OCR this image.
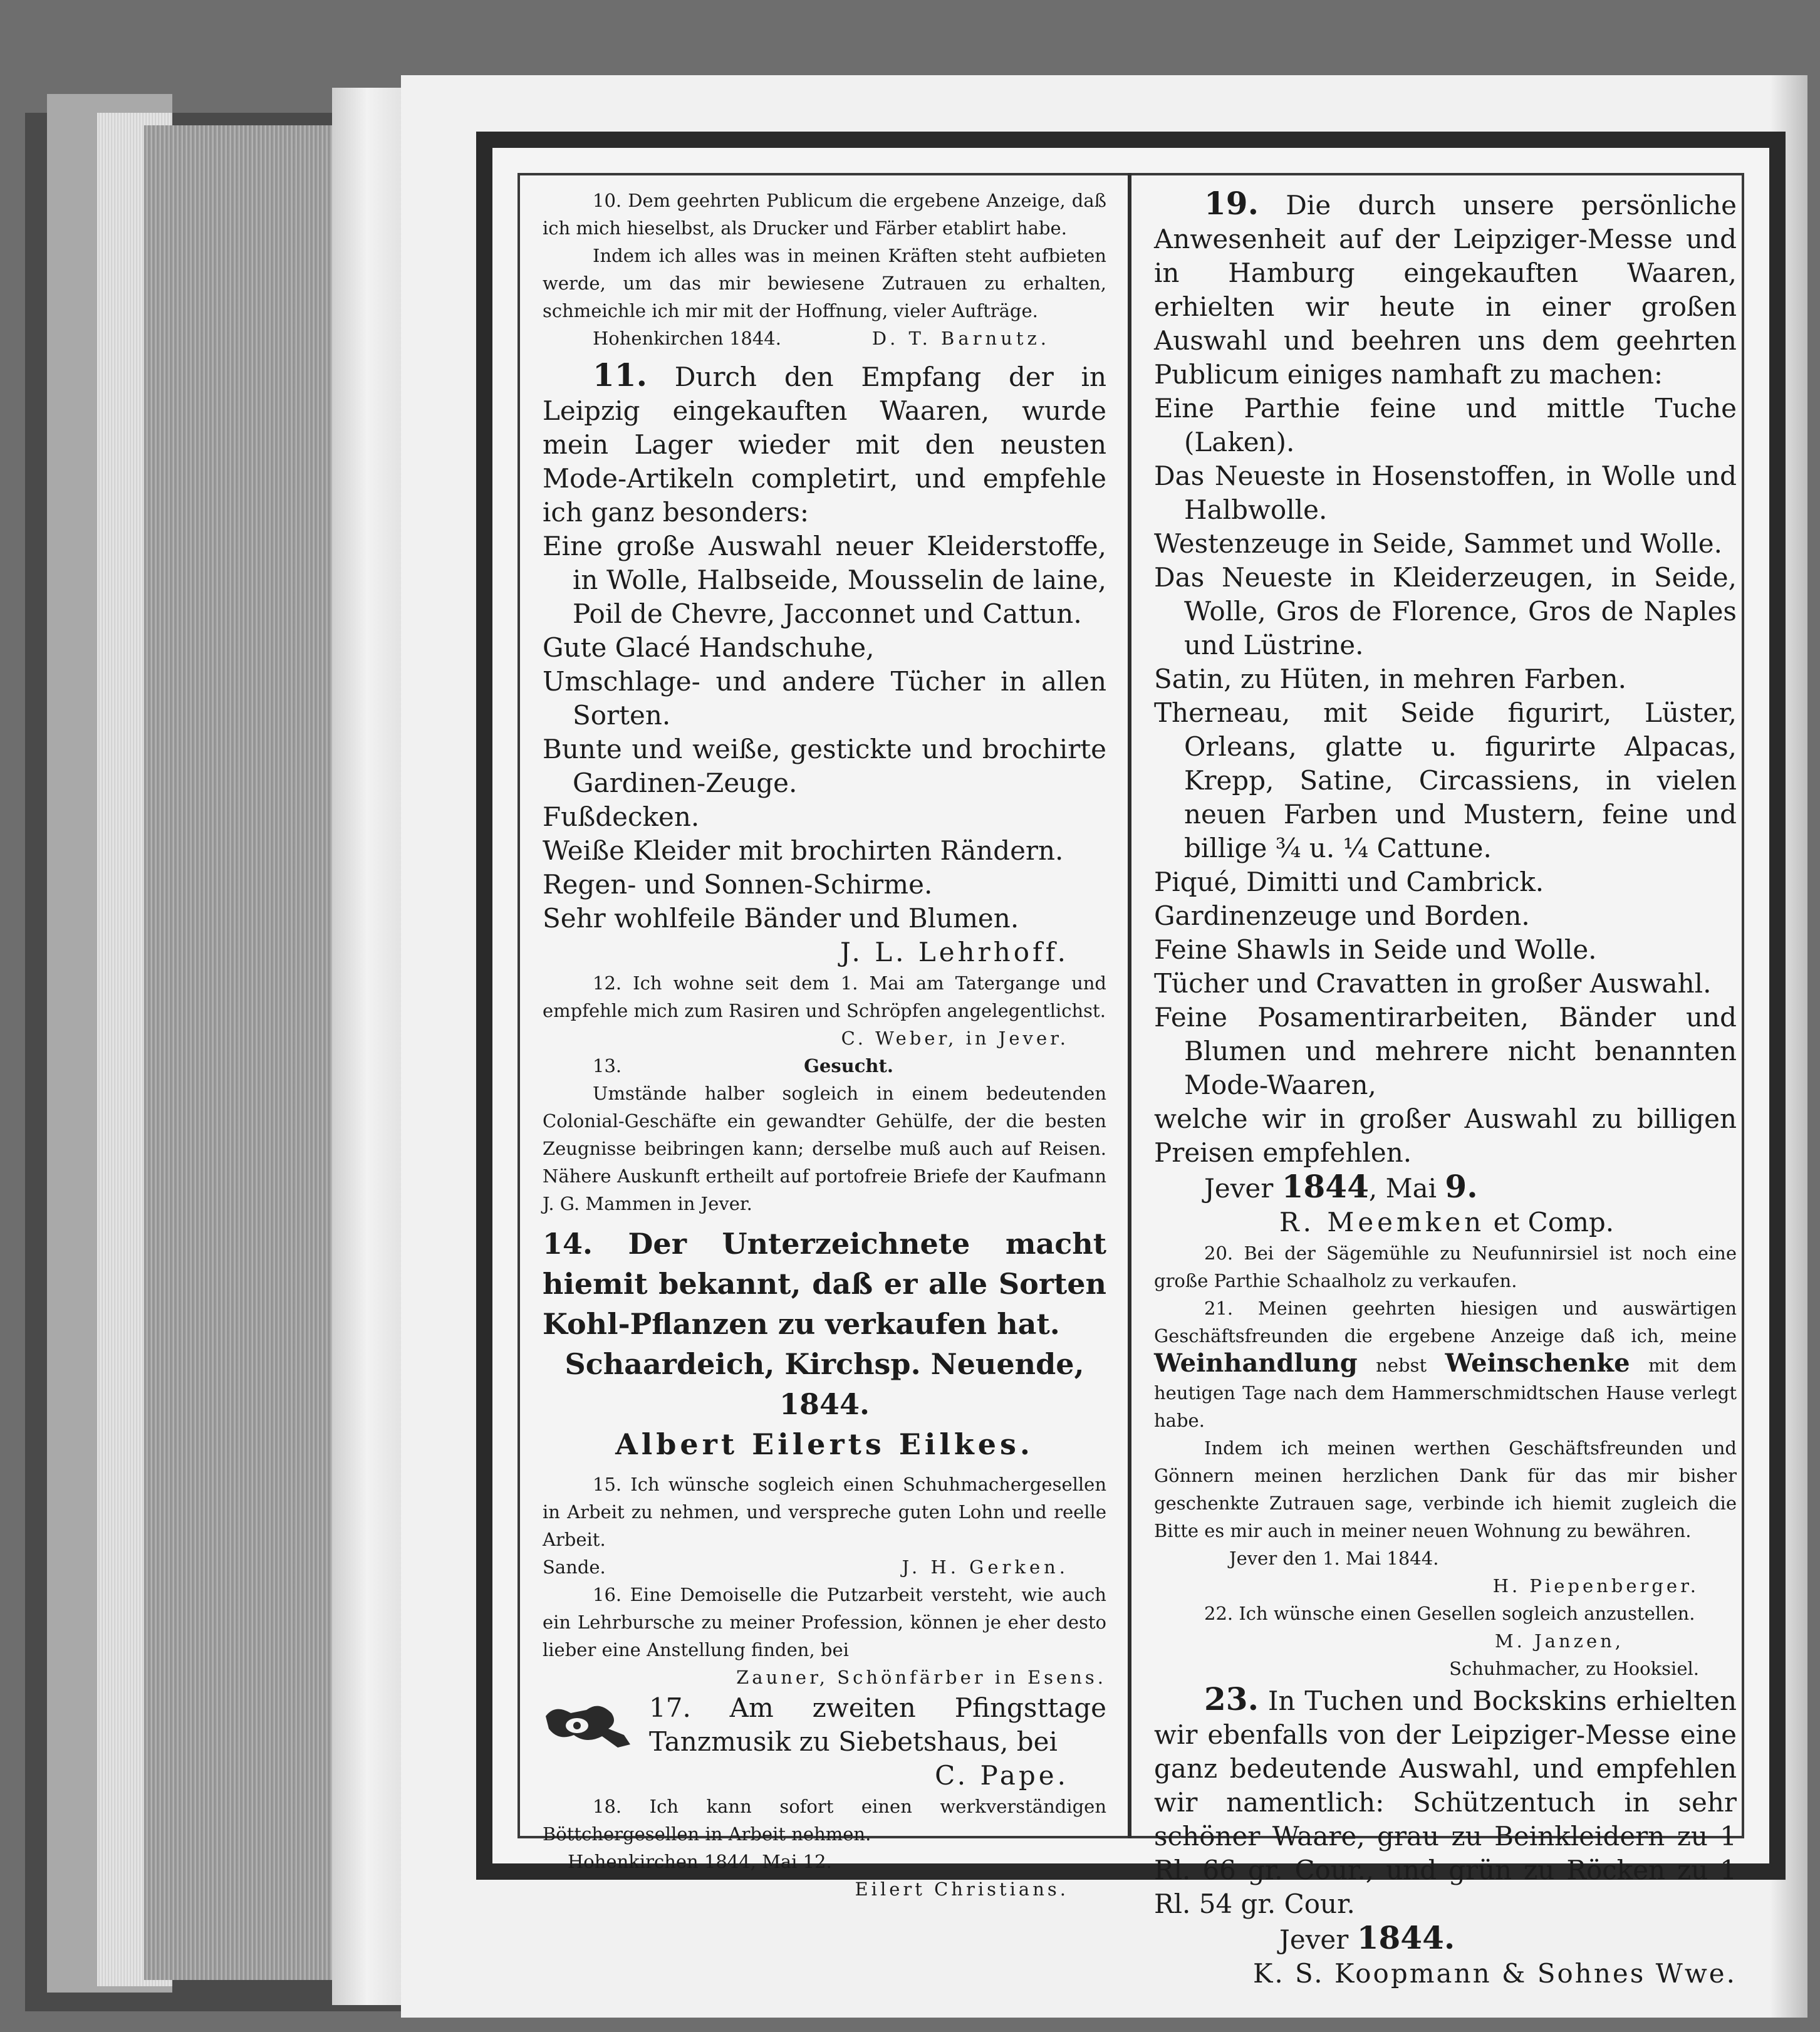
10. Dem geehrten Publicum die ergebene Anzeige, daß ich mich hieselbst, als Drucker und Färber etablirt habe.

Indem ich alles was in meinen Kräften steht aufbieten werde, um das mir bewiesene Zutrauen zu erhalten, schmeichle ich mir mit der Hoffnung, vieler Aufträge.

Hohenkirchen 1844.	D. T. Barnutz.

11. Durch den Empfang der in Leipzig eingekauften Waaren, wurde mein Lager wieder mit den neusten Mode-Artikeln completirt, und empfehle ich ganz besonders:

Eine große Auswahl neuer Kleiderstoffe, in Wolle, Halbseide, Mousselin de laine, Poil de Chevre, Jacconnet und Cattun.

Gute Glacé Handschuhe,

Umschlage- und andere Tücher in allen Sorten.

Bunte und weiße, gestickte und brochirte Gardinen-Zeuge.

Fußdecken.

Weiße Kleider mit brochirten Rändern.

Regen- und Sonnen-Schirme.

Sehr wohlfeile Bänder und Blumen.

J. L. Lehrhoff.

12. Ich wohne seit dem 1. Mai am Tatergange und empfehle mich zum Rasiren und Schröpfen angelegentlichst.

C. Weber, in Jever.

13.	Gesucht.

Umstände halber sogleich in einem bedeutenden Colonial-Geschäfte ein gewandter Gehülfe, der die besten Zeugnisse beibringen kann; derselbe muß auch auf Reisen. Nähere Auskunft ertheilt auf portofreie Briefe der Kaufmann J. G. Mammen in Jever.

14. Der Unterzeichnete macht hiemit bekannt, daß er alle Sorten Kohl-Pflanzen zu verkaufen hat.

Schaardeich, Kirchsp. Neuende, 1844.

Albert Eilerts Eilkes.

15. Ich wünsche sogleich einen Schuhmachergesellen in Arbeit zu nehmen, und verspreche guten Lohn und reelle Arbeit.

Sande.	J. H. Gerken.

16. Eine Demoiselle die Putzarbeit versteht, wie auch ein Lehrbursche zu meiner Profession, können je eher desto lieber eine Anstellung finden, bei

Zauner, Schönfärber in Esens.

17. Am zweiten Pfingsttage Tanzmusik zu Siebetshaus, bei

C. Pape.

18. Ich kann sofort einen werkverständigen Böttchergesellen in Arbeit nehmen.

Hohenkirchen 1844, Mai 12.

Eilert Christians.

19. Die durch unsere persönliche Anwesenheit auf der Leipziger-Messe und in Hamburg eingekauften Waaren, erhielten wir heute in einer großen Auswahl und beehren uns dem geehrten Publicum einiges namhaft zu machen:

Eine Parthie feine und mittle Tuche (Laken).

Das Neueste in Hosenstoffen, in Wolle und Halbwolle.

Westenzeuge in Seide, Sammet und Wolle.

Das Neueste in Kleiderzeugen, in Seide, Wolle, Gros de Florence, Gros de Naples und Lüstrine.

Satin, zu Hüten, in mehren Farben.

Therneau, mit Seide figurirt, Lüster, Orleans, glatte u. figurirte Alpacas, Krepp, Satine, Circassiens, in vielen neuen Farben und Mustern, feine und billige ¾ u. ¼ Cattune.

Piqué, Dimitti und Cambrick.

Gardinenzeuge und Borden.

Feine Shawls in Seide und Wolle.

Tücher und Cravatten in großer Auswahl.

Feine Posamentirarbeiten, Bänder und Blumen und mehrere nicht benannten Mode-Waaren,

welche wir in großer Auswahl zu billigen Preisen empfehlen.

Jever 1844, Mai 9.

R. Meemken et Comp.

20. Bei der Sägemühle zu Neufunnirsiel ist noch eine große Parthie Schaalholz zu verkaufen.

21. Meinen geehrten hiesigen und auswärtigen Geschäftsfreunden die ergebene Anzeige daß ich, meine Weinhandlung nebst Weinschenke mit dem heutigen Tage nach dem Hammerschmidtschen Hause verlegt habe.

Indem ich meinen werthen Geschäftsfreunden und Gönnern meinen herzlichen Dank für das mir bisher geschenkte Zutrauen sage, verbinde ich hiemit zugleich die Bitte es mir auch in meiner neuen Wohnung zu bewähren.

Jever den 1. Mai 1844.

H. Piepenberger.

22. Ich wünsche einen Gesellen sogleich anzustellen.

M. Janzen,

Schuhmacher, zu Hooksiel.

23. In Tuchen und Bockskins erhielten wir ebenfalls von der Leipziger-Messe eine ganz bedeutende Auswahl, und empfehlen wir namentlich: Schützentuch in sehr schöner Waare, grau zu Beinkleidern zu 1 Rl. 66 gr. Cour., und grün zu Röcken zu 1 Rl. 54 gr. Cour.

Jever 1844.

K. S. Koopmann & Sohnes Wwe.
